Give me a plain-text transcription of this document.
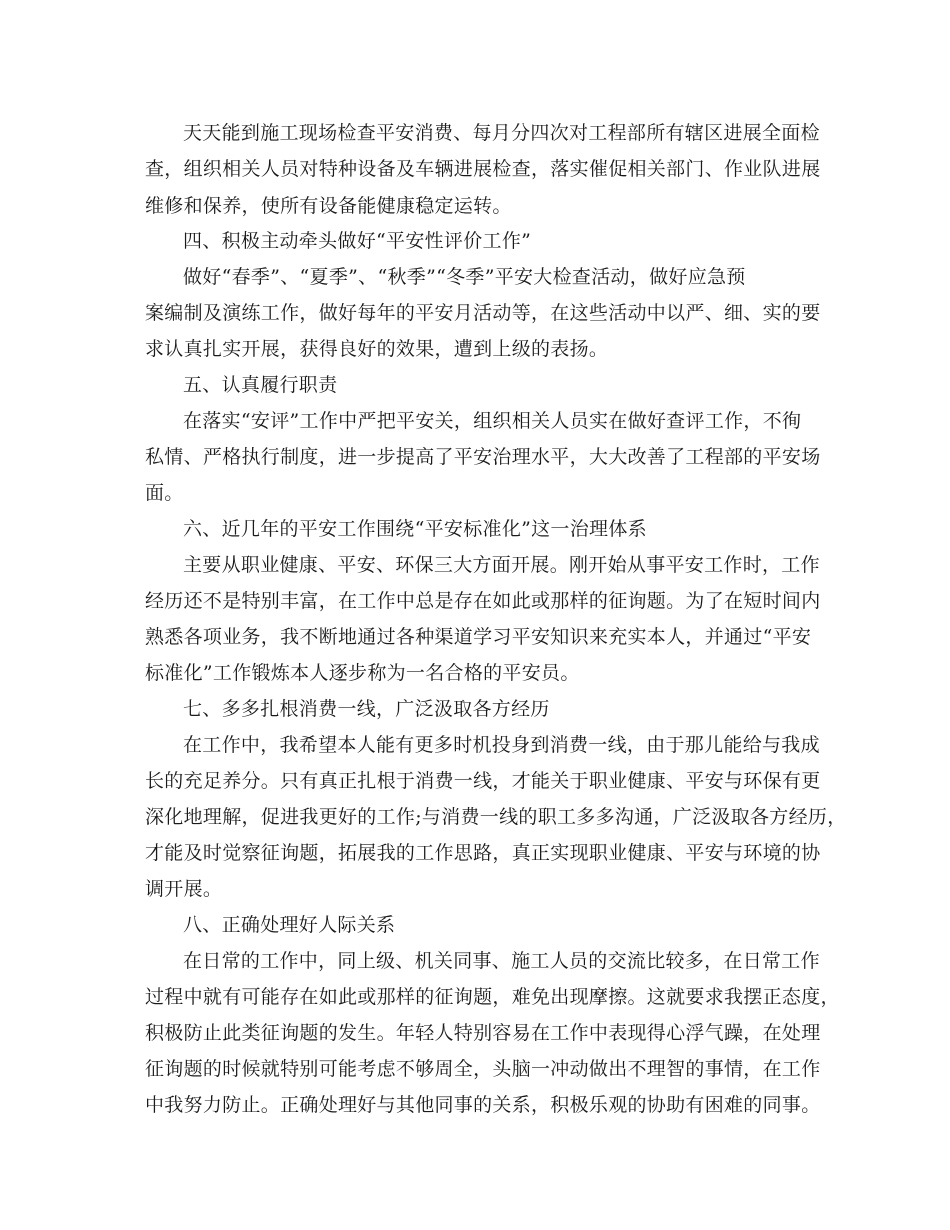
天天能到施工现场检查平安消费、每月分四次对工程部所有辖区进展全面检

查，组织相关人员对特种设备及车辆进展检查，落实催促相关部门、作业队进展

维修和保养，使所有设备能健康稳定运转。

四、积极主动牵头做好“平安性评价工作”

做好“春季”、“夏季”、“秋季”“冬季”平安大检查活动，做好应急预

案编制及演练工作，做好每年的平安月活动等，在这些活动中以严、细、实的要

求认真扎实开展，获得良好的效果，遭到上级的表扬。

五、认真履行职责

在落实“安评”工作中严把平安关，组织相关人员实在做好查评工作，不徇

私情、严格执行制度，进一步提高了平安治理水平，大大改善了工程部的平安场

面。

六、近几年的平安工作围绕“平安标准化”这一治理体系

主要从职业健康、平安、环保三大方面开展。刚开始从事平安工作时，工作

经历还不是特别丰富，在工作中总是存在如此或那样的征询题。为了在短时间内

熟悉各项业务，我不断地通过各种渠道学习平安知识来充实本人，并通过“平安

标准化”工作锻炼本人逐步称为一名合格的平安员。

七、多多扎根消费一线，广泛汲取各方经历

在工作中，我希望本人能有更多时机投身到消费一线，由于那儿能给与我成

长的充足养分。只有真正扎根于消费一线，才能关于职业健康、平安与环保有更

深化地理解，促进我更好的工作;与消费一线的职工多多沟通，广泛汲取各方经历，

才能及时觉察征询题，拓展我的工作思路，真正实现职业健康、平安与环境的协

调开展。

八、正确处理好人际关系

在日常的工作中，同上级、机关同事、施工人员的交流比较多，在日常工作

过程中就有可能存在如此或那样的征询题，难免出现摩擦。这就要求我摆正态度，

积极防止此类征询题的发生。年轻人特别容易在工作中表现得心浮气躁，在处理

征询题的时候就特别可能考虑不够周全，头脑一冲动做出不理智的事情，在工作

中我努力防止。正确处理好与其他同事的关系，积极乐观的协助有困难的同事。
